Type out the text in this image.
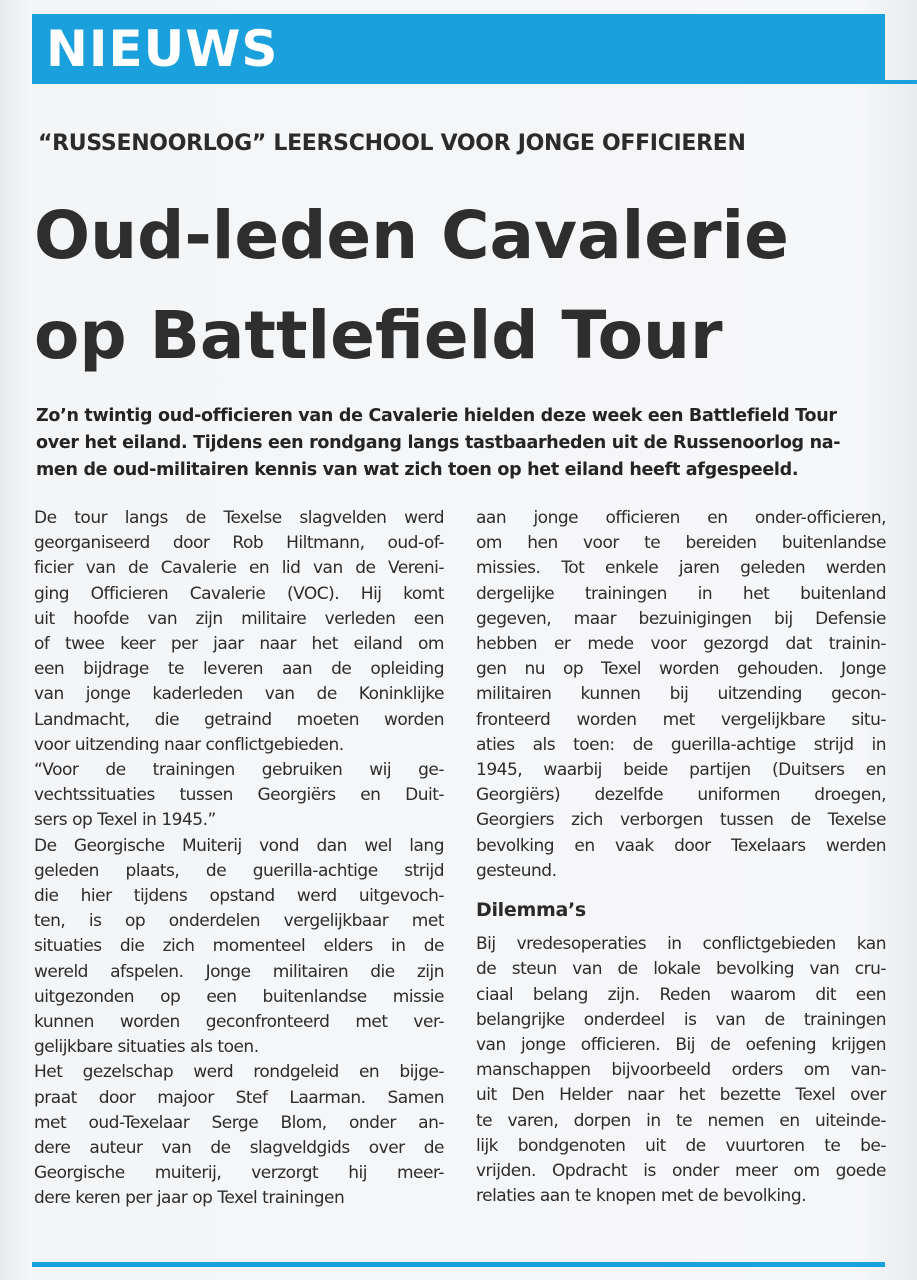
NIEUWS
“RUSSENOORLOG” LEERSCHOOL VOOR JONGE OFFICIEREN
Oud-leden Cavalerie
op Battlefield Tour
Zo’n twintig oud-officieren van de Cavalerie hielden deze week een Battlefield Tour
over het eiland. Tijdens een rondgang langs tastbaarheden uit de Russenoorlog na-
men de oud-militairen kennis van wat zich toen op het eiland heeft afgespeeld.
De tour langs de Texelse slagvelden werd
georganiseerd door Rob Hiltmann, oud-of-
ficier van de Cavalerie en lid van de Vereni-
ging Officieren Cavalerie (VOC). Hij komt
uit hoofde van zijn militaire verleden een
of twee keer per jaar naar het eiland om
een bijdrage te leveren aan de opleiding
van jonge kaderleden van de Koninklijke
Landmacht, die getraind moeten worden
voor uitzending naar conflictgebieden.
“Voor de trainingen gebruiken wij ge-
vechtssituaties tussen Georgiërs en Duit-
sers op Texel in 1945.”
De Georgische Muiterij vond dan wel lang
geleden plaats, de guerilla-achtige strijd
die hier tijdens opstand werd uitgevoch-
ten, is op onderdelen vergelijkbaar met
situaties die zich momenteel elders in de
wereld afspelen. Jonge militairen die zijn
uitgezonden op een buitenlandse missie
kunnen worden geconfronteerd met ver-
gelijkbare situaties als toen.
Het gezelschap werd rondgeleid en bijge-
praat door majoor Stef Laarman. Samen
met oud-Texelaar Serge Blom, onder an-
dere auteur van de slagveldgids over de
Georgische muiterij, verzorgt hij meer-
dere keren per jaar op Texel trainingen
aan jonge officieren en onder-officieren,
om hen voor te bereiden buitenlandse
missies. Tot enkele jaren geleden werden
dergelijke trainingen in het buitenland
gegeven, maar bezuinigingen bij Defensie
hebben er mede voor gezorgd dat trainin-
gen nu op Texel worden gehouden. Jonge
militairen kunnen bij uitzending gecon-
fronteerd worden met vergelijkbare situ-
aties als toen: de guerilla-achtige strijd in
1945, waarbij beide partijen (Duitsers en
Georgiërs) dezelfde uniformen droegen,
Georgiers zich verborgen tussen de Texelse
bevolking en vaak door Texelaars werden
gesteund.
Dilemma’s
Bij vredesoperaties in conflictgebieden kan
de steun van de lokale bevolking van cru-
ciaal belang zijn. Reden waarom dit een
belangrijke onderdeel is van de trainingen
van jonge officieren. Bij de oefening krijgen
manschappen bijvoorbeeld orders om van-
uit Den Helder naar het bezette Texel over
te varen, dorpen in te nemen en uiteinde-
lijk bondgenoten uit de vuurtoren te be-
vrijden. Opdracht is onder meer om goede
relaties aan te knopen met de bevolking.
